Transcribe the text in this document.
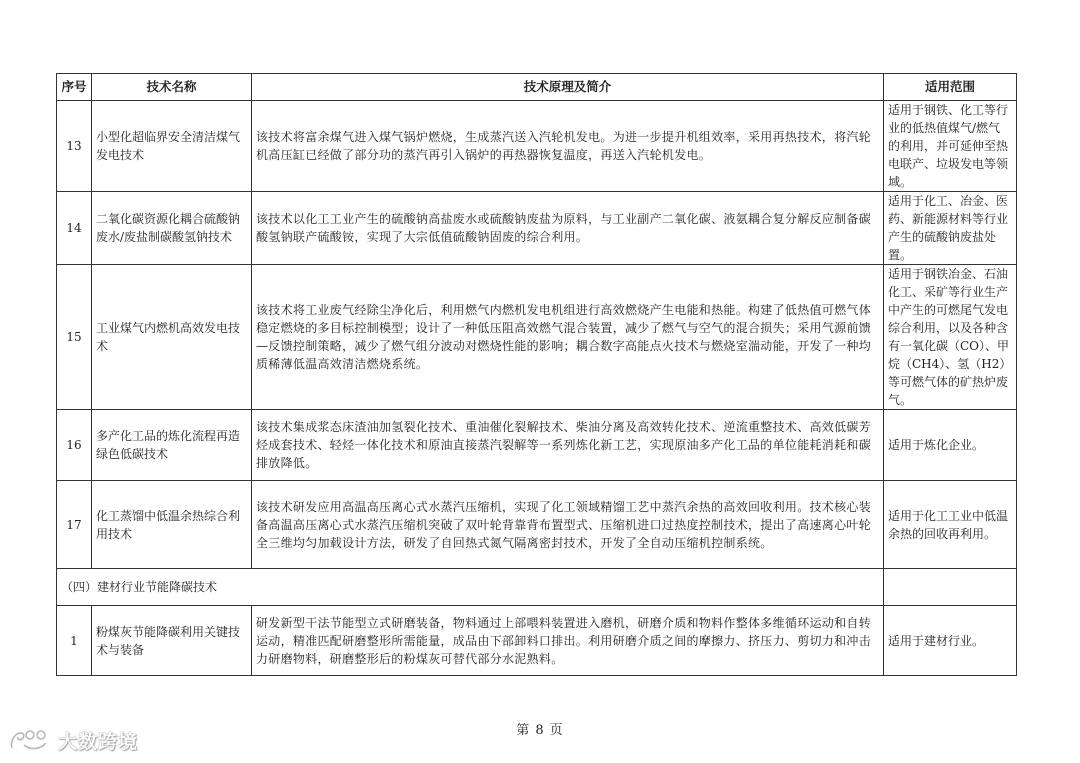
序号	技术名称	技术原理及简介	适用范围
13	小型化超临界安全清洁煤气发电技术	该技术将富余煤气进入煤气锅炉燃烧，生成蒸汽送入汽轮机发电。为进一步提升机组效率，采用再热技术，将汽轮机高压缸已经做了部分功的蒸汽再引入锅炉的再热器恢复温度，再送入汽轮机发电。	适用于钢铁、化工等行业的低热值煤气/燃气的利用，并可延伸至热电联产、垃圾发电等领域。
14	二氧化碳资源化耦合硫酸钠废水/废盐制碳酸氢钠技术	该技术以化工工业产生的硫酸钠高盐废水或硫酸钠废盐为原料，与工业副产二氧化碳、液氨耦合复分解反应制备碳酸氢钠联产硫酸铵，实现了大宗低值硫酸钠固废的综合利用。	适用于化工、冶金、医药、新能源材料等行业产生的硫酸钠废盐处置。
15	工业煤气内燃机高效发电技术	该技术将工业废气经除尘净化后，利用燃气内燃机发电机组进行高效燃烧产生电能和热能。构建了低热值可燃气体稳定燃烧的多目标控制模型；设计了一种低压阻高效燃气混合装置，减少了燃气与空气的混合损失；采用气源前馈—反馈控制策略，减少了燃气组分波动对燃烧性能的影响；耦合数字高能点火技术与燃烧室湍动能，开发了一种均质稀薄低温高效清洁燃烧系统。	适用于钢铁冶金、石油化工、采矿等行业生产中产生的可燃尾气发电综合利用，以及各种含有一氧化碳（CO）、甲烷（CH4）、氢（H2）等可燃气体的矿热炉废气。
16	多产化工品的炼化流程再造绿色低碳技术	该技术集成浆态床渣油加氢裂化技术、重油催化裂解技术、柴油分离及高效转化技术、逆流重整技术、高效低碳芳烃成套技术、轻烃一体化技术和原油直接蒸汽裂解等一系列炼化新工艺，实现原油多产化工品的单位能耗消耗和碳排放降低。	适用于炼化企业。
17	化工蒸馏中低温余热综合利用技术	该技术研发应用高温高压离心式水蒸汽压缩机，实现了化工领域精馏工艺中蒸汽余热的高效回收利用。技术核心装备高温高压离心式水蒸汽压缩机突破了双叶轮背靠背布置型式、压缩机进口过热度控制技术，提出了高速离心叶轮全三维均匀加载设计方法，研发了自回热式氮气隔离密封技术，开发了全自动压缩机控制系统。	适用于化工工业中低温余热的回收再利用。
（四）建材行业节能降碳技术			
1	粉煤灰节能降碳利用关键技术与装备	研发新型干法节能型立式研磨装备，物料通过上部喂料装置进入磨机，研磨介质和物料作整体多维循环运动和自转运动，精准匹配研磨整形所需能量，成品由下部卸料口排出。利用研磨介质之间的摩擦力、挤压力、剪切力和冲击力研磨物料，研磨整形后的粉煤灰可替代部分水泥熟料。	适用于建材行业。
第 8 页
大数跨境
